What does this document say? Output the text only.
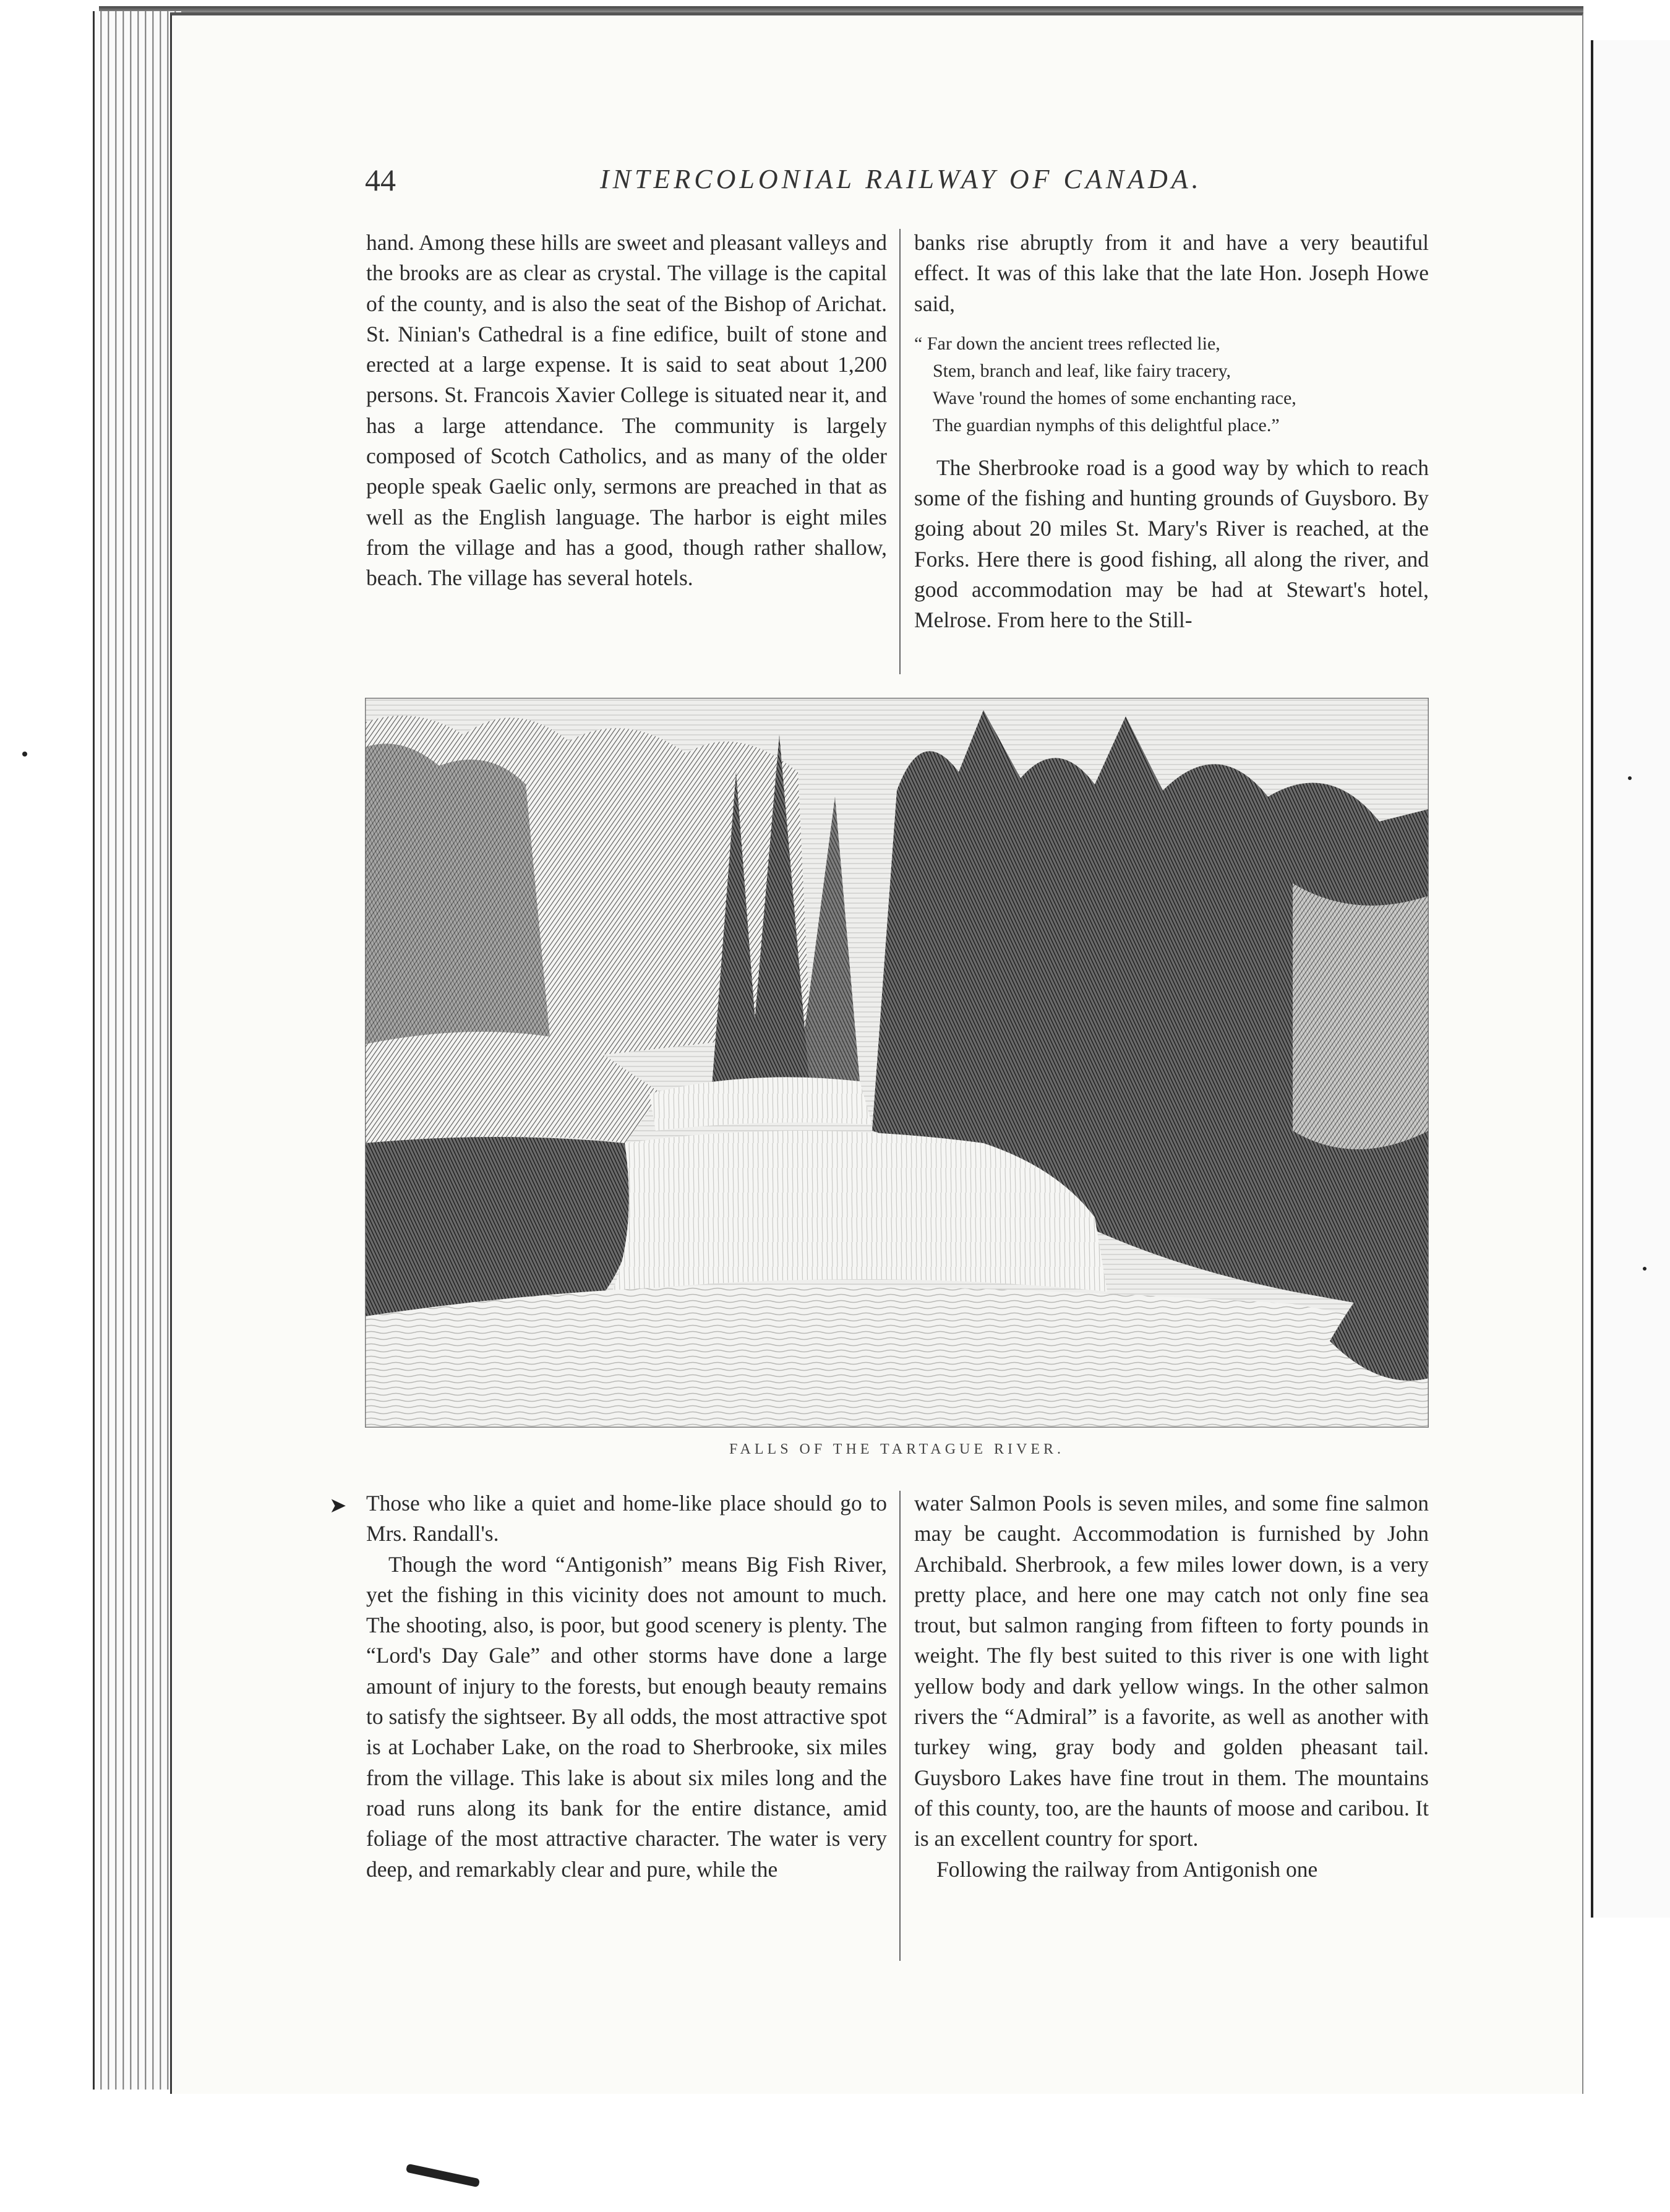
44	INTERCOLONIAL RAILWAY OF CANADA.

hand. Among these hills are sweet and pleasant valleys and the brooks are as clear as crystal. The village is the capital of the county, and is also the seat of the Bishop of Arichat. St. Ninian's Cathedral is a fine edifice, built of stone and erected at a large expense. It is said to seat about 1,200 persons. St. Francois Xavier College is situated near it, and has a large attendance. The community is largely composed of Scotch Catholics, and as many of the older people speak Gaelic only, sermons are preached in that as well as the English language. The harbor is eight miles from the village and has a good, though rather shallow, beach. The village has several hotels.

banks rise abruptly from it and have a very beautiful effect. It was of this lake that the late Hon. Joseph Howe said,

“ Far down the ancient trees reflected lie,
Stem, branch and leaf, like fairy tracery,
Wave 'round the homes of some enchanting race,
The guardian nymphs of this delightful place.”

The Sherbrooke road is a good way by which to reach some of the fishing and hunting grounds of Guysboro. By going about 20 miles St. Mary's River is reached, at the Forks. Here there is good fishing, all along the river, and good accommodation may be had at Stewart's hotel, Melrose. From here to the Still-

FALLS OF THE TARTAGUE RIVER.
➤ Those who like a quiet and home-like place should go to Mrs. Randall's.

Though the word “Antigonish” means Big Fish River, yet the fishing in this vicinity does not amount to much. The shooting, also, is poor, but good scenery is plenty. The “Lord's Day Gale” and other storms have done a large amount of injury to the forests, but enough beauty remains to satisfy the sightseer. By all odds, the most attractive spot is at Lochaber Lake, on the road to Sherbrooke, six miles from the village. This lake is about six miles long and the road runs along its bank for the entire distance, amid foliage of the most attractive character. The water is very deep, and remarkably clear and pure, while the

water Salmon Pools is seven miles, and some fine salmon may be caught. Accommodation is furnished by John Archibald. Sherbrook, a few miles lower down, is a very pretty place, and here one may catch not only fine sea trout, but salmon ranging from fifteen to forty pounds in weight. The fly best suited to this river is one with light yellow body and dark yellow wings. In the other salmon rivers the “Admiral” is a favorite, as well as another with turkey wing, gray body and golden pheasant tail. Guysboro Lakes have fine trout in them. The mountains of this county, too, are the haunts of moose and caribou. It is an excellent country for sport.

Following the railway from Antigonish one
